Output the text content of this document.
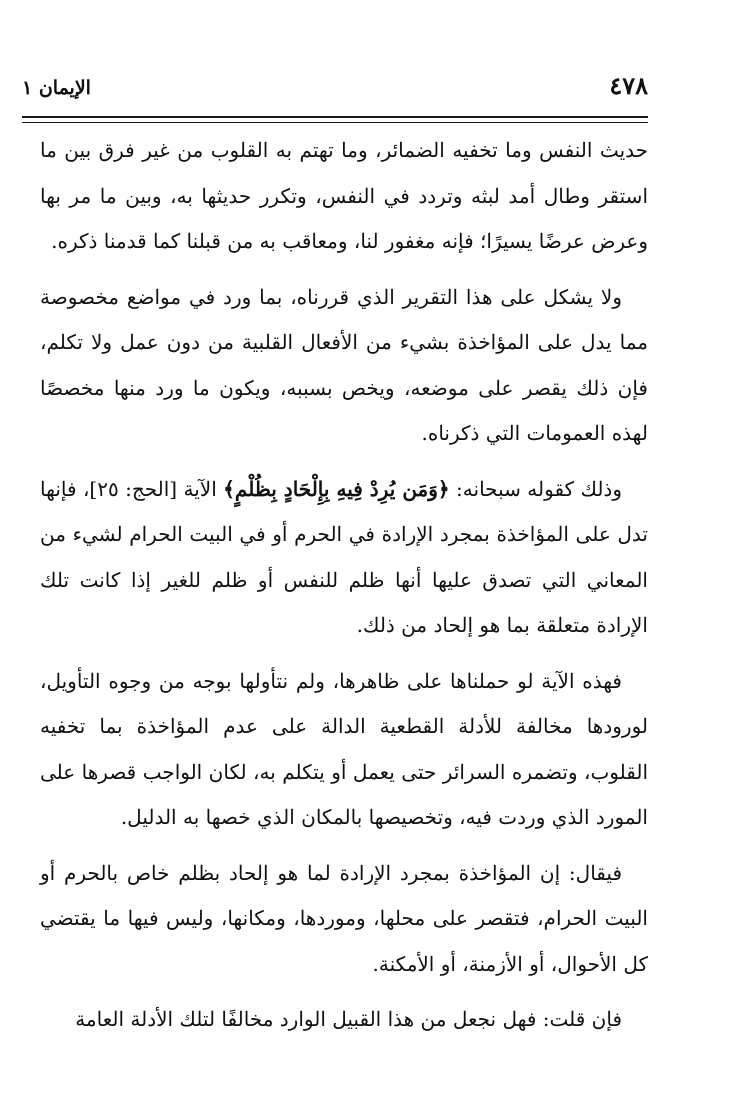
٤٧٨
الإيمان ١

حديث النفس وما تخفيه الضمائر، وما تهتم به القلوب من غير فرق بين ما استقر وطال أمد لبثه وتردد في النفس، وتكرر حديثها به، وبين ما مر بها وعرض عرضًا يسيرًا؛ فإنه مغفور لنا، ومعاقب به من قبلنا كما قدمنا ذكره.

ولا يشكل على هذا التقرير الذي قررناه، بما ورد في مواضع مخصوصة مما يدل على المؤاخذة بشيء من الأفعال القلبية من دون عمل ولا تكلم، فإن ذلك يقصر على موضعه، ويخص بسببه، ويكون ما ورد منها مخصصًا لهذه العمومات التي ذكرناه.

وذلك كقوله سبحانه: ﴿وَمَن يُرِدْ فِيهِ بِإِلْحَادٍ بِظُلْمٍ﴾ الآية [الحج: ٢٥]، فإنها تدل على المؤاخذة بمجرد الإرادة في الحرم أو في البيت الحرام لشيء من المعاني التي تصدق عليها أنها ظلم للنفس أو ظلم للغير إذا كانت تلك الإرادة متعلقة بما هو إلحاد من ذلك.

فهذه الآية لو حملناها على ظاهرها، ولم نتأولها بوجه من وجوه التأويل، لورودها مخالفة للأدلة القطعية الدالة على عدم المؤاخذة بما تخفيه القلوب، وتضمره السرائر حتى يعمل أو يتكلم به، لكان الواجب قصرها على المورد الذي وردت فيه، وتخصيصها بالمكان الذي خصها به الدليل.

فيقال: إن المؤاخذة بمجرد الإرادة لما هو إلحاد بظلم خاص بالحرم أو البيت الحرام، فتقصر على محلها، وموردها، ومكانها، وليس فيها ما يقتضي كل الأحوال، أو الأزمنة، أو الأمكنة.

فإن قلت: فهل نجعل من هذا القبيل الوارد مخالفًا لتلك الأدلة العامة
